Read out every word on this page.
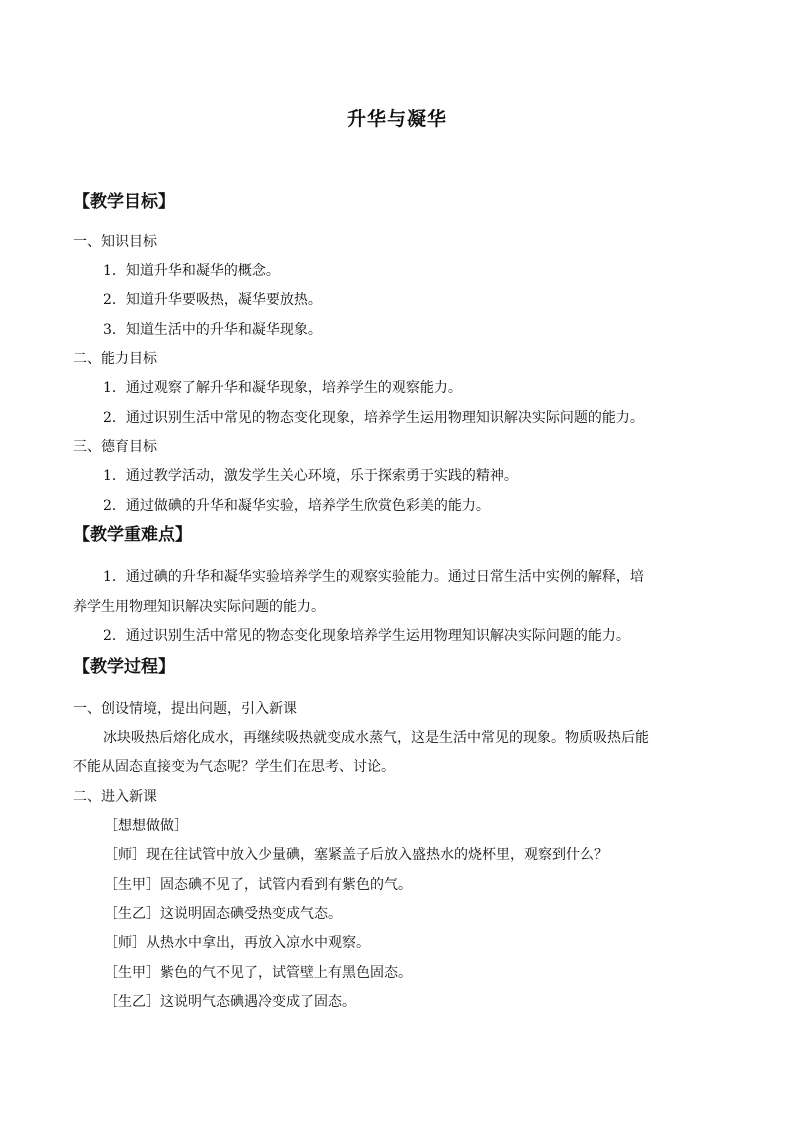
升华与凝华
【教学目标】
一、知识目标
1．知道升华和凝华的概念。
2．知道升华要吸热，凝华要放热。
3．知道生活中的升华和凝华现象。
二、能力目标
1．通过观察了解升华和凝华现象，培养学生的观察能力。
2．通过识别生活中常见的物态变化现象，培养学生运用物理知识解决实际问题的能力。
三、德育目标
1．通过教学活动，激发学生关心环境，乐于探索勇于实践的精神。
2．通过做碘的升华和凝华实验，培养学生欣赏色彩美的能力。
【教学重难点】
1．通过碘的升华和凝华实验培养学生的观察实验能力。通过日常生活中实例的解释，培
养学生用物理知识解决实际问题的能力。
2．通过识别生活中常见的物态变化现象培养学生运用物理知识解决实际问题的能力。
【教学过程】
一、创设情境，提出问题，引入新课
冰块吸热后熔化成水，再继续吸热就变成水蒸气，这是生活中常见的现象。物质吸热后能
不能从固态直接变为气态呢？学生们在思考、讨论。
二、进入新课
［想想做做］
［师］现在往试管中放入少量碘，塞紧盖子后放入盛热水的烧杯里，观察到什么？
［生甲］固态碘不见了，试管内看到有紫色的气。
［生乙］这说明固态碘受热变成气态。
［师］从热水中拿出，再放入凉水中观察。
［生甲］紫色的气不见了，试管壁上有黑色固态。
［生乙］这说明气态碘遇冷变成了固态。
